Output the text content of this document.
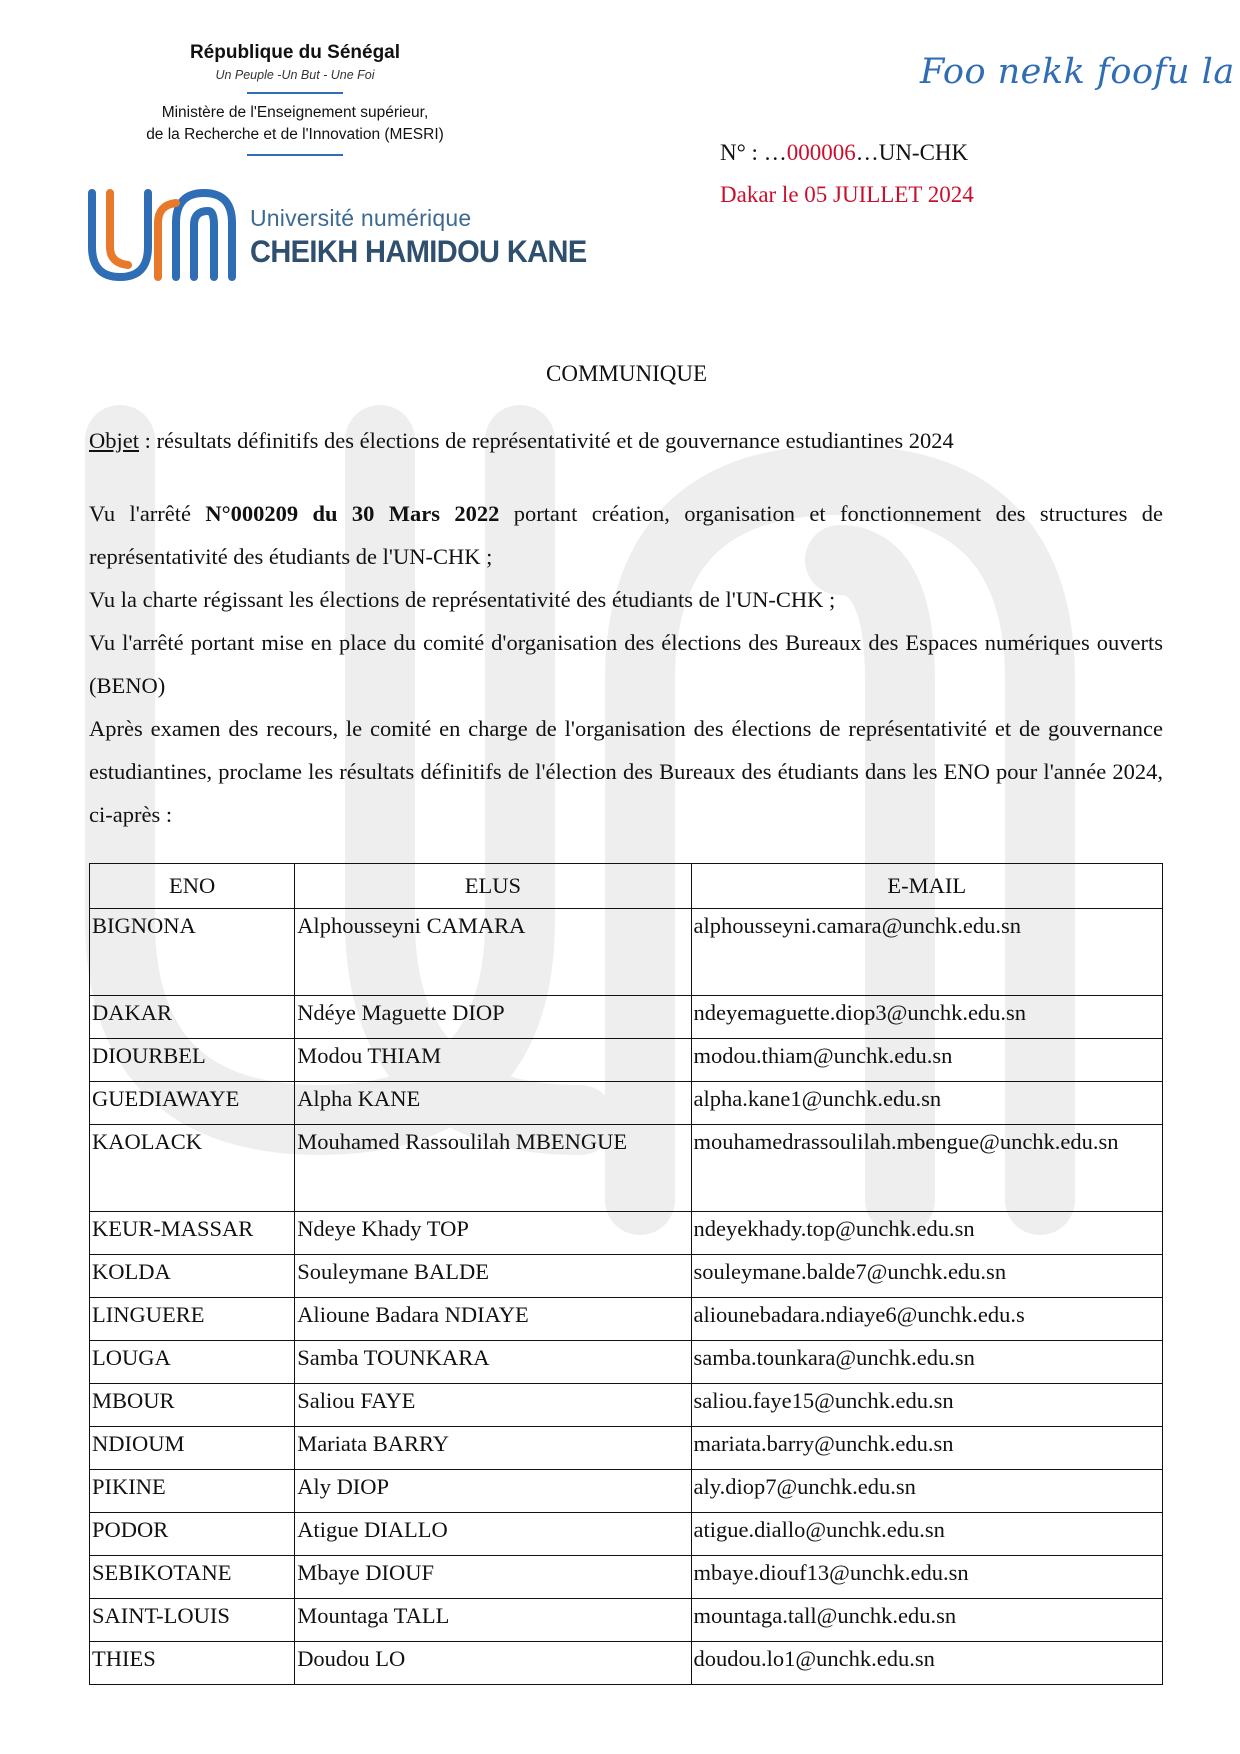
République du Sénégal

Un Peuple -Un But - Une Foi

Ministère de l'Enseignement supérieur,

de la Recherche et de l'Innovation (MESRI)

Université numérique
CHEIKH HAMIDOU KANE
Foo nekk foofu la
N° : …000006…UN-CHK
Dakar le 05 JUILLET 2024
COMMUNIQUE
Objet : résultats définitifs des élections de représentativité et de gouvernance estudiantines 2024

Vu l'arrêté N°000209 du 30 Mars 2022 portant création, organisation et fonctionnement des structures de représentativité des étudiants de l'UN-CHK ;

Vu la charte régissant les élections de représentativité des étudiants de l'UN-CHK ;

Vu l'arrêté portant mise en place du comité d'organisation des élections des Bureaux des Espaces numériques ouverts (BENO)

Après examen des recours, le comité en charge de l'organisation des élections de représentativité et de gouvernance estudiantines, proclame les résultats définitifs de l'élection des Bureaux des étudiants dans les ENO pour l'année 2024, ci-après :

ENO	ELUS	E-MAIL
BIGNONA	Alphousseyni CAMARA	alphousseyni.camara@unchk.edu.sn
DAKAR	Ndéye Maguette DIOP	ndeyemaguette.diop3@unchk.edu.sn
DIOURBEL	Modou THIAM	modou.thiam@unchk.edu.sn
GUEDIAWAYE	Alpha KANE	alpha.kane1@unchk.edu.sn
KAOLACK	Mouhamed Rassoulilah MBENGUE	mouhamedrassoulilah.mbengue@unchk.edu.sn
KEUR-MASSAR	Ndeye Khady TOP	ndeyekhady.top@unchk.edu.sn
KOLDA	Souleymane BALDE	souleymane.balde7@unchk.edu.sn
LINGUERE	Alioune Badara NDIAYE	aliounebadara.ndiaye6@unchk.edu.s
LOUGA	Samba TOUNKARA	samba.tounkara@unchk.edu.sn
MBOUR	Saliou FAYE	saliou.faye15@unchk.edu.sn
NDIOUM	Mariata BARRY	mariata.barry@unchk.edu.sn
PIKINE	Aly DIOP	aly.diop7@unchk.edu.sn
PODOR	Atigue DIALLO	atigue.diallo@unchk.edu.sn
SEBIKOTANE	Mbaye DIOUF	mbaye.diouf13@unchk.edu.sn
SAINT-LOUIS	Mountaga TALL	mountaga.tall@unchk.edu.sn
THIES	Doudou LO	doudou.lo1@unchk.edu.sn
